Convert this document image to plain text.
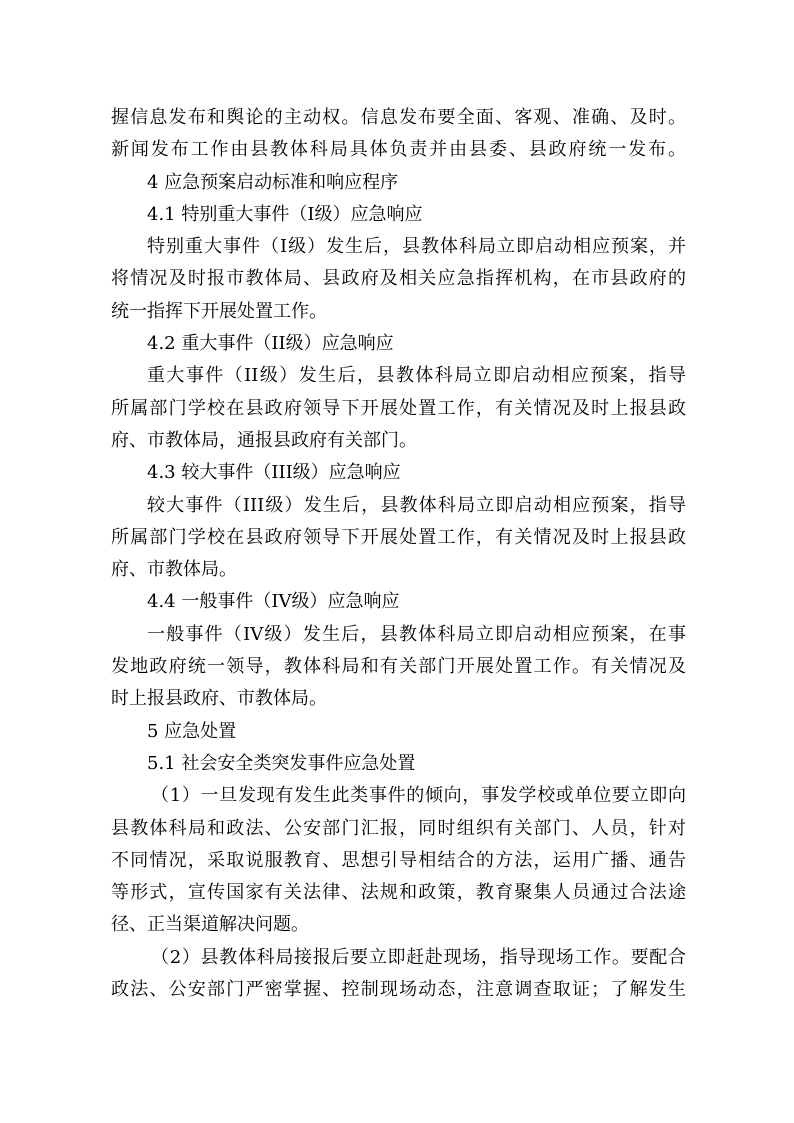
握信息发布和舆论的主动权。信息发布要全面、客观、准确、及时。
新闻发布工作由县教体科局具体负责并由县委、县政府统一发布。
4 应急预案启动标准和响应程序
4.1 特别重大事件（Ⅰ级）应急响应
特别重大事件（Ⅰ级）发生后，县教体科局立即启动相应预案，并
将情况及时报市教体局、县政府及相关应急指挥机构，在市县政府的
统一指挥下开展处置工作。
4.2 重大事件（II级）应急响应
重大事件（II级）发生后，县教体科局立即启动相应预案，指导
所属部门学校在县政府领导下开展处置工作，有关情况及时上报县政
府、市教体局，通报县政府有关部门。
4.3 较大事件（III级）应急响应
较大事件（III级）发生后，县教体科局立即启动相应预案，指导
所属部门学校在县政府领导下开展处置工作，有关情况及时上报县政
府、市教体局。
4.4 一般事件（IV级）应急响应
一般事件（IV级）发生后，县教体科局立即启动相应预案，在事
发地政府统一领导，教体科局和有关部门开展处置工作。有关情况及
时上报县政府、市教体局。
5 应急处置
5.1 社会安全类突发事件应急处置
（1）一旦发现有发生此类事件的倾向，事发学校或单位要立即向
县教体科局和政法、公安部门汇报，同时组织有关部门、人员，针对
不同情况，采取说服教育、思想引导相结合的方法，运用广播、通告
等形式，宣传国家有关法律、法规和政策，教育聚集人员通过合法途
径、正当渠道解决问题。
（2）县教体科局接报后要立即赶赴现场，指导现场工作。要配合
政法、公安部门严密掌握、控制现场动态，注意调查取证；了解发生
